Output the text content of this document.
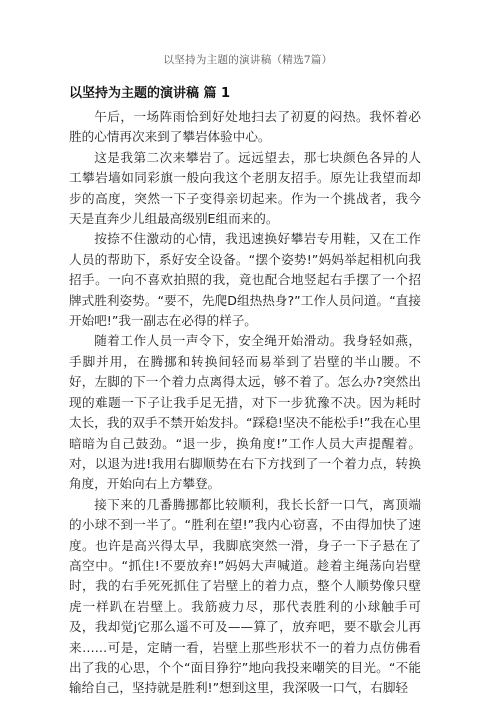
以坚持为主题的演讲稿（精选7篇）
以坚持为主题的演讲稿 篇 1

午后，一场阵雨恰到好处地扫去了初夏的闷热。我怀着必胜的心情再次来到了攀岩体验中心。

这是我第二次来攀岩了。远远望去，那七块颜色各异的人工攀岩墙如同彩旗一般向我这个老朋友招手。原先让我望而却步的高度，突然一下子变得亲切起来。作为一个挑战者，我今天是直奔少儿组最高级别E组而来的。

按捺不住激动的心情，我迅速换好攀岩专用鞋，又在工作人员的帮助下，系好安全设备。“摆个姿势!”妈妈举起相机向我招手。一向不喜欢拍照的我，竟也配合地竖起右手摆了一个招牌式胜利姿势。“要不，先爬D组热热身?”工作人员问道。“直接开始吧!”我一副志在必得的样子。

随着工作人员一声令下，安全绳开始滑动。我身轻如燕，手脚并用，在腾挪和转换间轻而易举到了岩壁的半山腰。不好，左脚的下一个着力点离得太远，够不着了。怎么办?突然出现的难题一下子让我手足无措，对下一步犹豫不决。因为耗时太长，我的双手不禁开始发抖。“踩稳!坚决不能松手!”我在心里暗暗为自己鼓劲。“退一步，换角度!”工作人员大声提醒着。对，以退为进!我用右脚顺势在右下方找到了一个着力点，转换角度，开始向右上方攀登。

接下来的几番腾挪都比较顺利，我长长舒一口气，离顶端的小球不到一半了。“胜利在望!”我内心窃喜，不由得加快了速度。也许是高兴得太早，我脚底突然一滑，身子一下子悬在了高空中。“抓住!不要放弃!”妈妈大声喊道。趁着主绳荡向岩壁时，我的右手死死抓住了岩壁上的着力点，整个人顺势像只壁虎一样趴在岩壁上。我筋疲力尽，那代表胜利的小球触手可及，我却觉j它那么遥不可及——算了，放弃吧，要不歇会儿再来……可是，定睛一看，岩壁上那些形状不一的着力点仿佛看出了我的心思，个个“面目狰狞”地向我投来嘲笑的目光。“不能输给自己，坚持就是胜利!”想到这里，我深吸一口气，右脚轻
